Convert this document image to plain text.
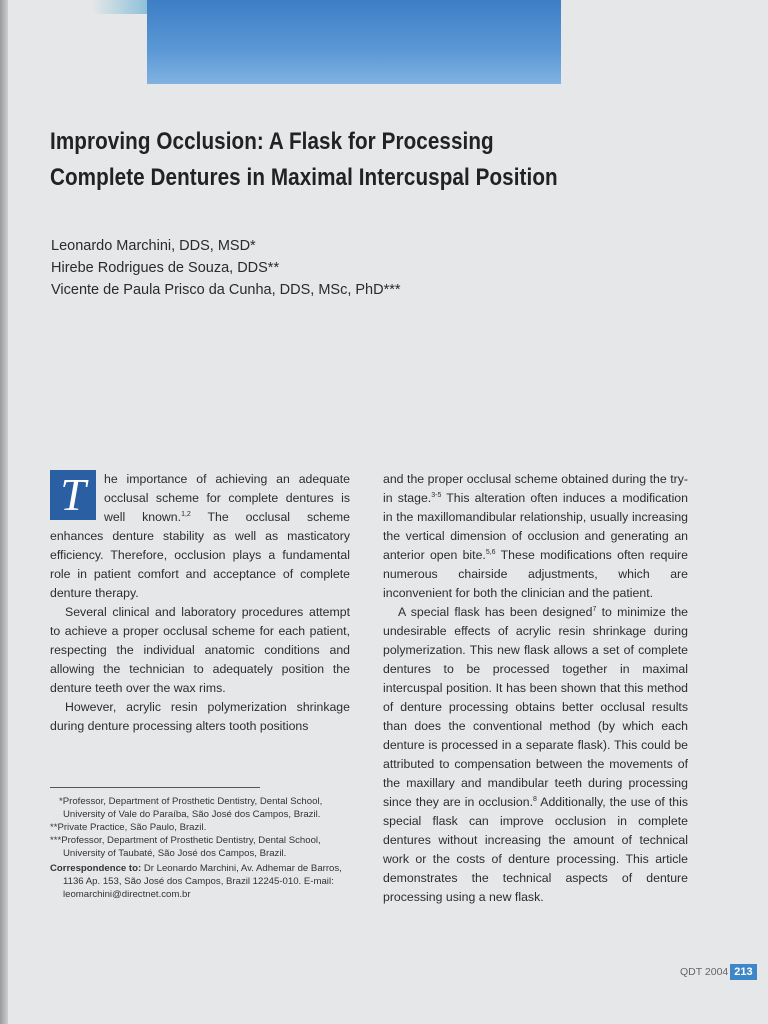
Improving Occlusion: A Flask for Processing
Complete Dentures in Maximal Intercuspal Position
Leonardo Marchini, DDS, MSD*
Hirebe Rodrigues de Souza, DDS**
Vicente de Paula Prisco da Cunha, DDS, MSc, PhD***

T	he importance of achieving an adequate occlusal scheme for complete dentures is well known.$^{1,2}$ The occlusal scheme enhances denture stability as well as masticatory efficiency. Therefore, occlusion plays a fundamental role in patient comfort and acceptance of complete denture therapy.

Several clinical and laboratory procedures attempt to achieve a proper occlusal scheme for each patient, respecting the individual anatomic conditions and allowing the technician to adequately position the denture teeth over the wax rims.

However, acrylic resin polymerization shrinkage during denture processing alters tooth positions

*Professor, Department of Prosthetic Dentistry, Dental School, University of Vale do Paraíba, São José dos Campos, Brazil.

**Private Practice, São Paulo, Brazil.

***Professor, Department of Prosthetic Dentistry, Dental School, University of Taubaté, São José dos Campos, Brazil.

Correspondence to: Dr Leonardo Marchini, Av. Adhemar de Barros, 1136 Ap. 153, São José dos Campos, Brazil 12245-010. E-mail: leomarchini@directnet.com.br

and the proper occlusal scheme obtained during the try-in stage.$^{3-5}$ This alteration often induces a modification in the maxillomandibular relationship, usually increasing the vertical dimension of occlusion and generating an anterior open bite.$^{5,6}$ These modifications often require numerous chairside adjustments, which are inconvenient for both the clinician and the patient.

A special flask has been designed$^7$ to minimize the undesirable effects of acrylic resin shrinkage during polymerization. This new flask allows a set of complete dentures to be processed together in maximal intercuspal position. It has been shown that this method of denture processing obtains better occlusal results than does the conventional method (by which each denture is processed in a separate flask). This could be attributed to compensation between the movements of the maxillary and mandibular teeth during processing since they are in occlusion.$^8$ Additionally, the use of this special flask can improve occlusion in complete dentures without increasing the amount of technical work or the costs of denture processing. This article demonstrates the technical aspects of denture processing using a new flask.

QDT 2004 213
